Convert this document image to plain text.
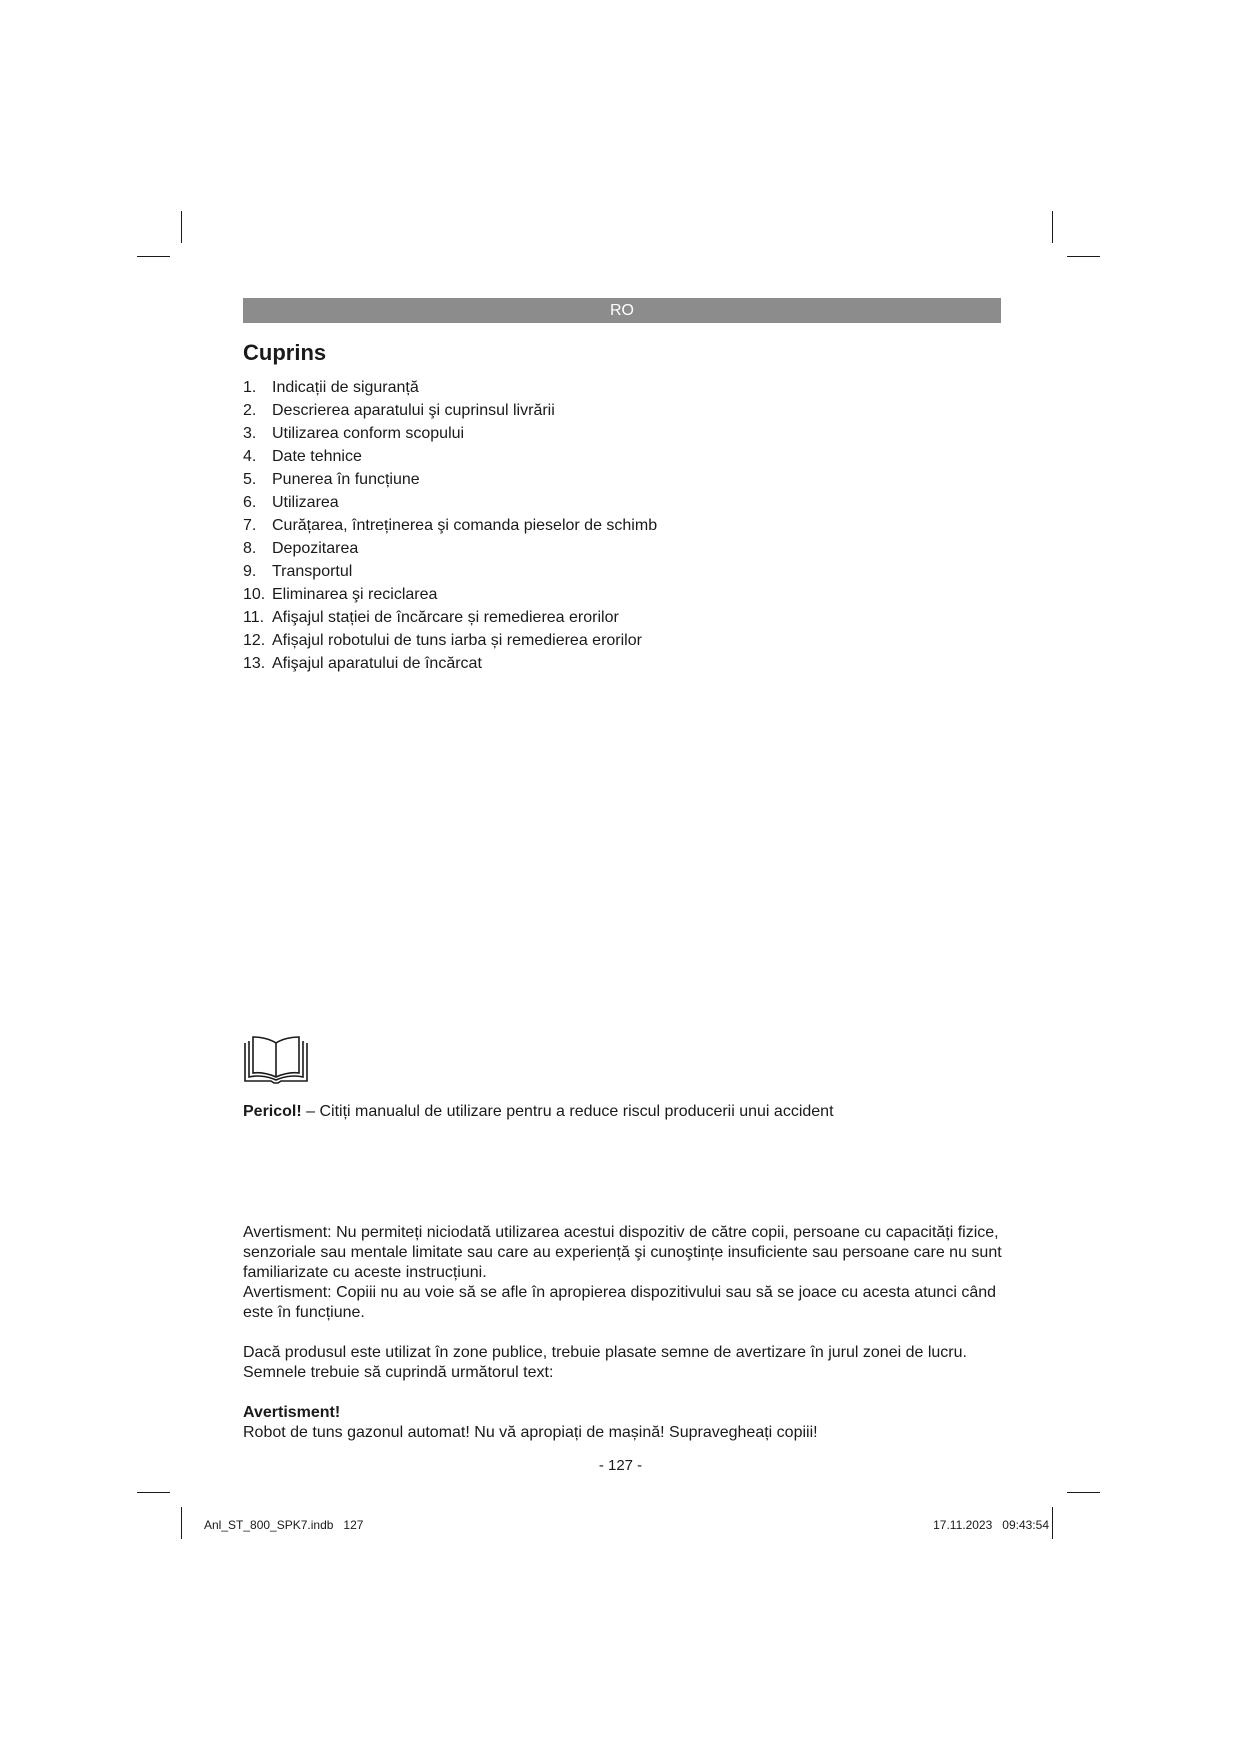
RO
Cuprins
1. Indicații de siguranță
2. Descrierea aparatului şi cuprinsul livrării
3. Utilizarea conform scopului
4. Date tehnice
5. Punerea în funcțiune
6. Utilizarea
7. Curățarea, întreținerea şi comanda pieselor de schimb
8. Depozitarea
9. Transportul
10. Eliminarea şi reciclarea
11. Afişajul stației de încărcare și remedierea erorilor
12. Afișajul robotului de tuns iarba și remedierea erorilor
13. Afişajul aparatului de încărcat

Pericol! – Citiți manualul de utilizare pentru a reduce riscul producerii unui accident

Avertisment: Nu permiteți niciodată utilizarea acestui dispozitiv de către copii, persoane cu capacități fizice, senzoriale sau mentale limitate sau care au experiență şi cunoştințe insuficiente sau persoane care nu sunt familiarizate cu aceste instrucțiuni.

Avertisment: Copiii nu au voie să se afle în apropierea dispozitivului sau să se joace cu acesta atunci când este în funcțiune.

Dacă produsul este utilizat în zone publice, trebuie plasate semne de avertizare în jurul zonei de lucru. Semnele trebuie să cuprindă următorul text:

Avertisment!

Robot de tuns gazonul automat! Nu vă apropiați de mașină! Supravegheați copiii!

- 127 -
Anl_ST_800_SPK7.indb   127	17.11.2023   09:43:54
